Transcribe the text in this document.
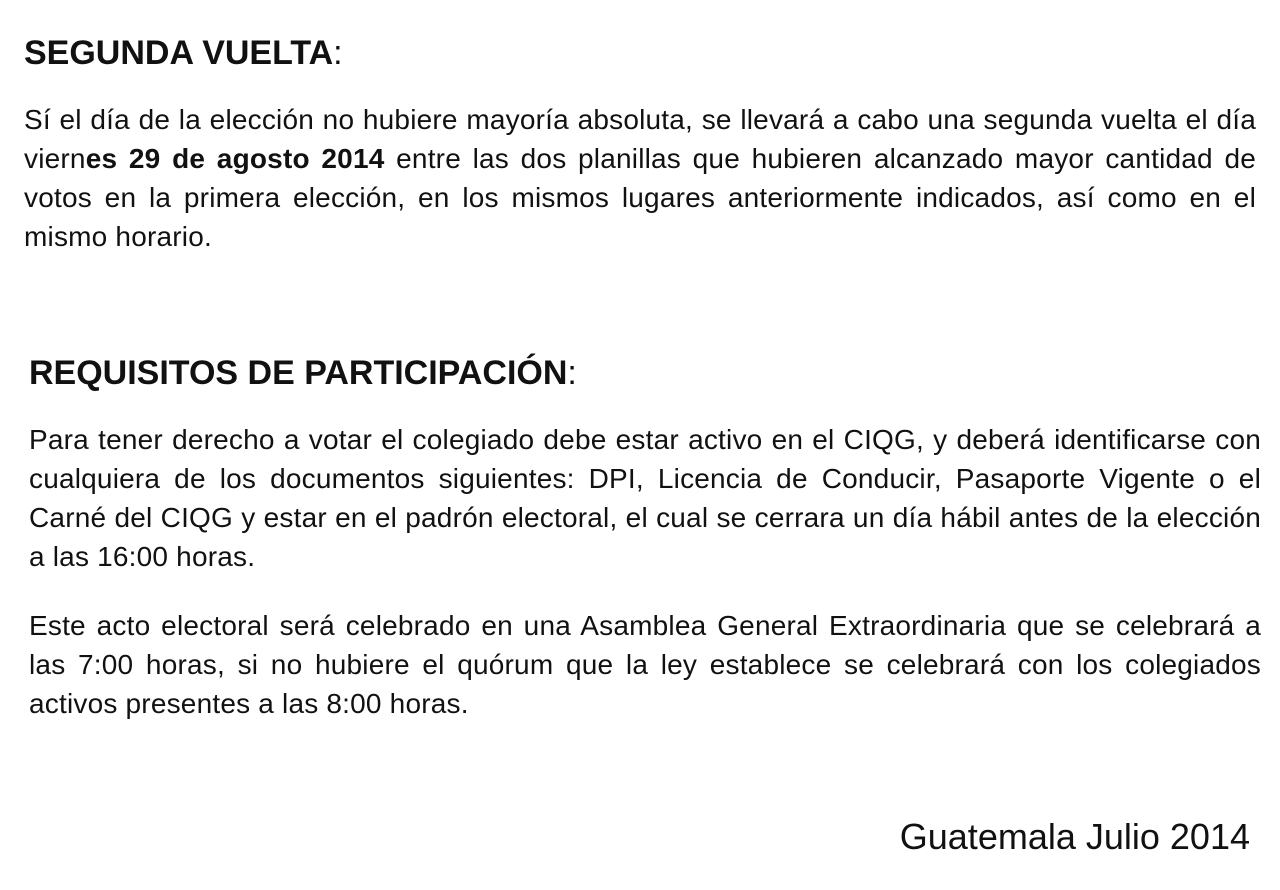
SEGUNDA VUELTA:

Sí el día de la elección no hubiere mayoría absoluta, se llevará a cabo una segunda vuelta el día viernes 29 de agosto 2014 entre las dos planillas que hubieren alcanzado mayor cantidad de votos en la primera elección, en los mismos lugares anteriormente indicados, así como en el mismo horario.

REQUISITOS DE PARTICIPACIÓN:

Para tener derecho a votar el colegiado debe estar activo en el CIQG, y deberá identificarse con cualquiera de los documentos siguientes: DPI, Licencia de Conducir, Pasaporte Vigente o el Carné del CIQG y estar en el padrón electoral, el cual se cerrara un día hábil antes de la elección a las 16:00 horas.

Este acto electoral será celebrado en una Asamblea General Extraordinaria que se celebrará a las 7:00 horas, si no hubiere el quórum que la ley establece se celebrará con los colegiados activos presentes a las 8:00 horas.

Guatemala Julio 2014
